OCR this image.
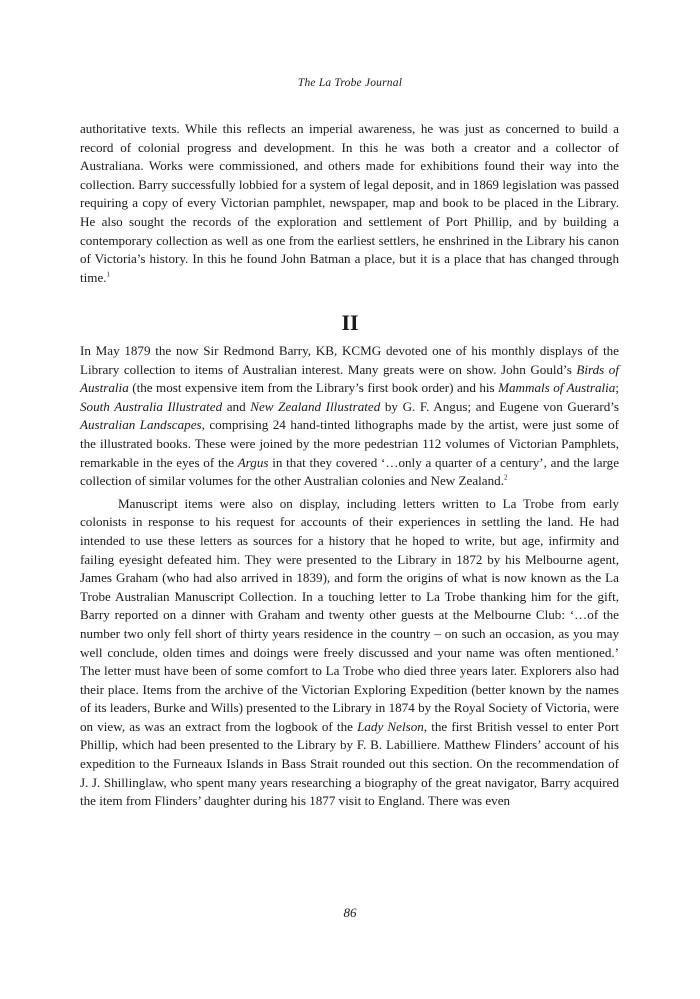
The La Trobe Journal

authoritative texts. While this reflects an imperial awareness, he was just as concerned to build a record of colonial progress and development. In this he was both a creator and a collector of Australiana. Works were commissioned, and others made for exhibitions found their way into the collection. Barry successfully lobbied for a system of legal deposit, and in 1869 legislation was passed requiring a copy of every Victorian pamphlet, newspaper, map and book to be placed in the Library. He also sought the records of the exploration and settlement of Port Phillip, and by building a contemporary collection as well as one from the earliest settlers, he enshrined in the Library his canon of Victoria’s history. In this he found John Batman a place, but it is a place that has changed through time.$^1$

II

In May 1879 the now Sir Redmond Barry, KB, KCMG devoted one of his monthly displays of the Library collection to items of Australian interest. Many greats were on show. John Gould’s Birds of Australia (the most expensive item from the Library’s first book order) and his Mammals of Australia; South Australia Illustrated and New Zealand Illustrated by G. F. Angus; and Eugene von Guerard’s Australian Landscapes, comprising 24 hand-tinted lithographs made by the artist, were just some of the illustrated books. These were joined by the more pedestrian 112 volumes of Victorian Pamphlets, remarkable in the eyes of the Argus in that they covered ‘…only a quarter of a century’, and the large collection of similar volumes for the other Australian colonies and New Zealand.$^2$

Manuscript items were also on display, including letters written to La Trobe from early colonists in response to his request for accounts of their experiences in settling the land. He had intended to use these letters as sources for a history that he hoped to write, but age, infirmity and failing eyesight defeated him. They were presented to the Library in 1872 by his Melbourne agent, James Graham (who had also arrived in 1839), and form the origins of what is now known as the La Trobe Australian Manuscript Collection. In a touching letter to La Trobe thanking him for the gift, Barry reported on a dinner with Graham and twenty other guests at the Melbourne Club: ‘…of the number two only fell short of thirty years residence in the country – on such an occasion, as you may well conclude, olden times and doings were freely discussed and your name was often mentioned.’ The letter must have been of some comfort to La Trobe who died three years later. Explorers also had their place. Items from the archive of the Victorian Exploring Expedition (better known by the names of its leaders, Burke and Wills) presented to the Library in 1874 by the Royal Society of Victoria, were on view, as was an extract from the logbook of the Lady Nelson, the first British vessel to enter Port Phillip, which had been presented to the Library by F. B. Labilliere. Matthew Flinders’ account of his expedition to the Furneaux Islands in Bass Strait rounded out this section. On the recommendation of J. J. Shillinglaw, who spent many years researching a biography of the great navigator, Barry acquired the item from Flinders’ daughter during his 1877 visit to England. There was even

86
